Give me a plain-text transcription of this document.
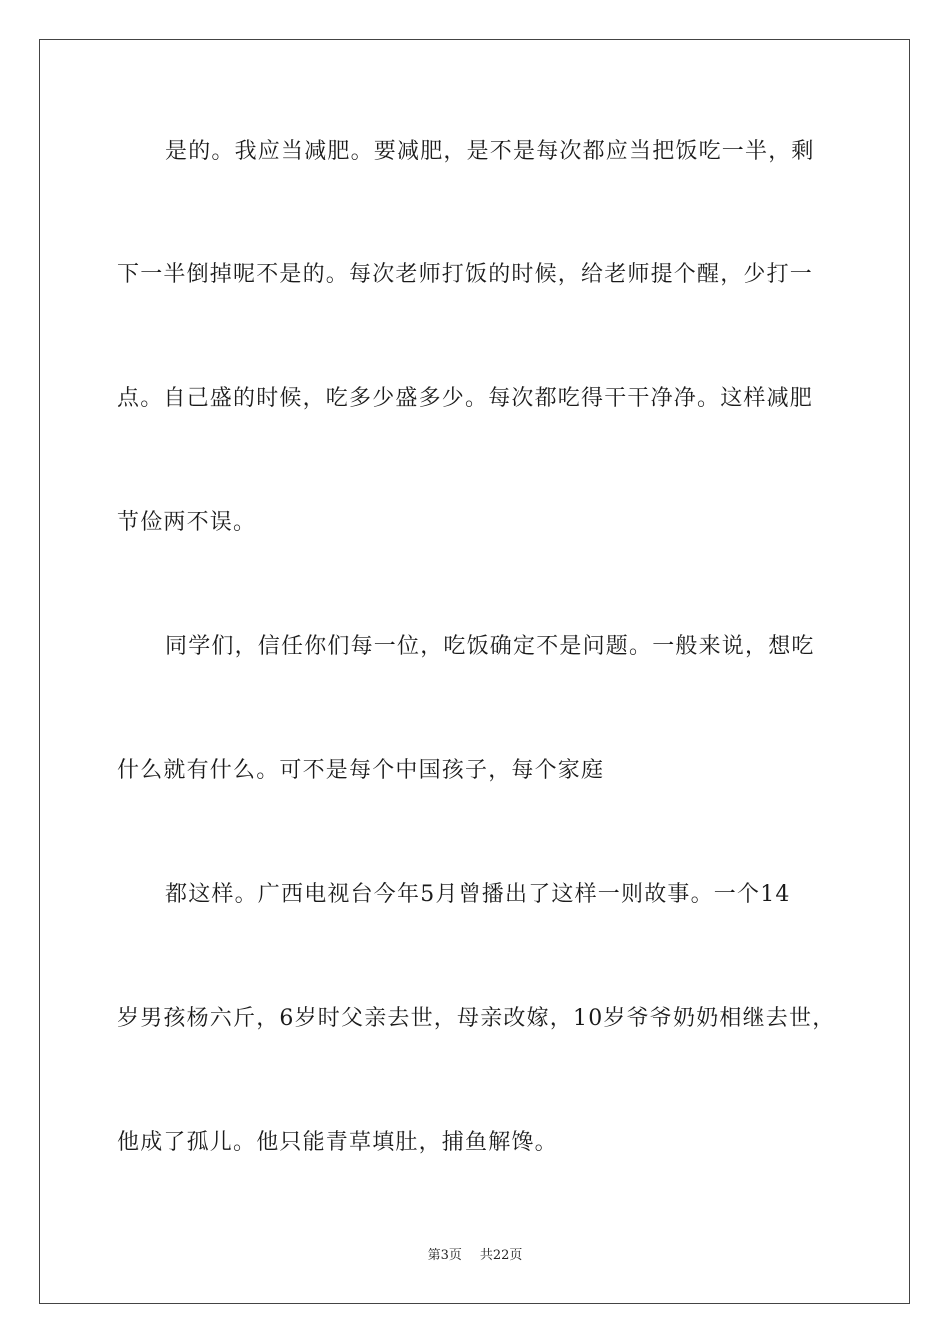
是的。我应当减肥。要减肥，是不是每次都应当把饭吃一半，剩
下一半倒掉呢不是的。每次老师打饭的时候，给老师提个醒，少打一
点。自己盛的时候，吃多少盛多少。每次都吃得干干净净。这样减肥
节俭两不误。
同学们，信任你们每一位，吃饭确定不是问题。一般来说，想吃
什么就有什么。可不是每个中国孩子，每个家庭
都这样。广西电视台今年5月曾播出了这样一则故事。一个14
岁男孩杨六斤，6岁时父亲去世，母亲改嫁，10岁爷爷奶奶相继去世，
他成了孤儿。他只能青草填肚，捕鱼解馋。
第3页 共22页
